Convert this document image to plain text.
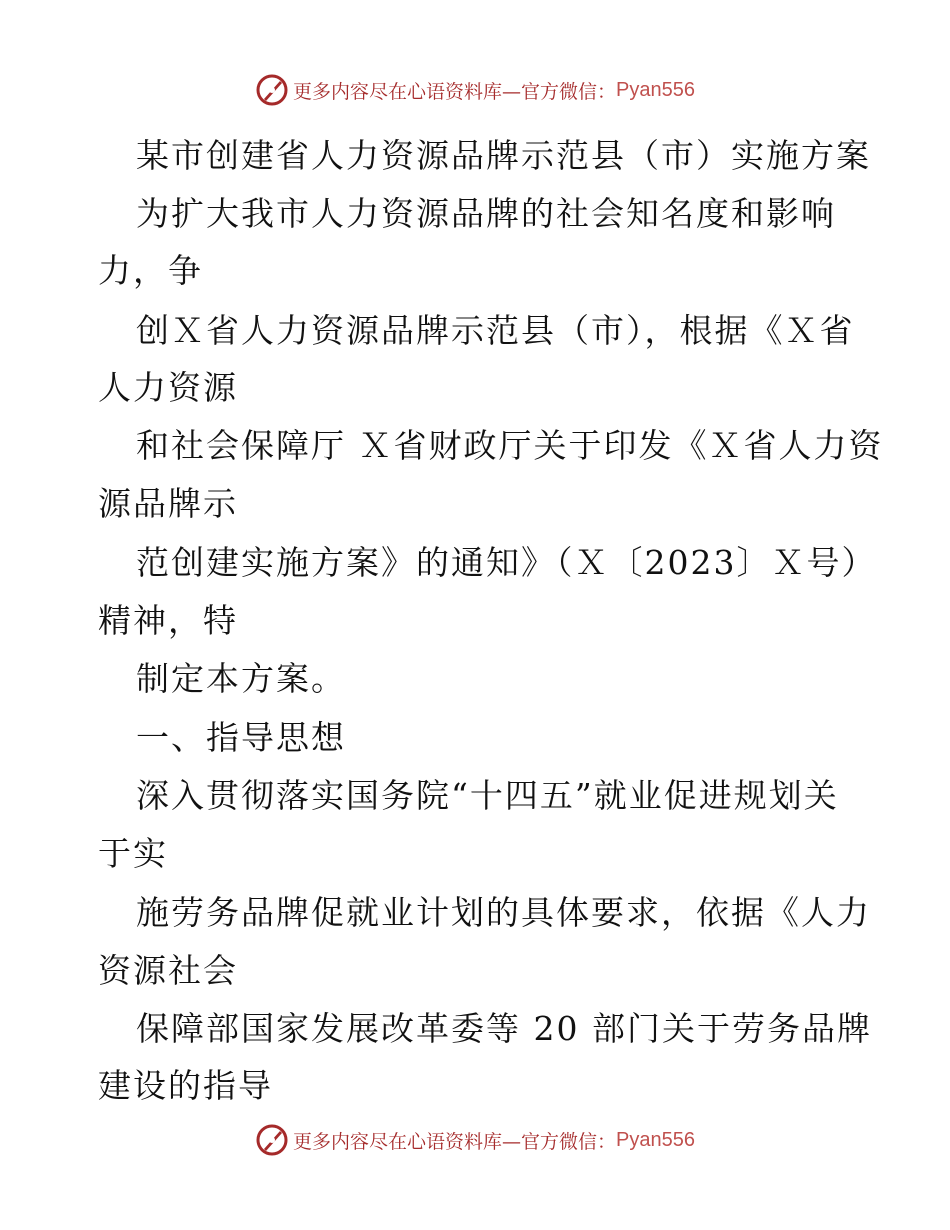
更多内容尽在心语资料库—官方微信： Pyan556
某市创建省人力资源品牌示范县（市）实施方案
为扩大我市人力资源品牌的社会知名度和影响
力，争
创Ｘ省人力资源品牌示范县（市），根据《Ｘ省
人力资源
和社会保障厅 Ｘ省财政厅关于印发《Ｘ省人力资
源品牌示
范创建实施方案》的通知》（Ｘ〔2023〕Ｘ号）
精神，特
制定本方案。
一、指导思想
深入贯彻落实国务院“十四五”就业促进规划关
于实
施劳务品牌促就业计划的具体要求，依据《人力
资源社会
保障部国家发展改革委等 20 部门关于劳务品牌
建设的指导
更多内容尽在心语资料库—官方微信： Pyan556
